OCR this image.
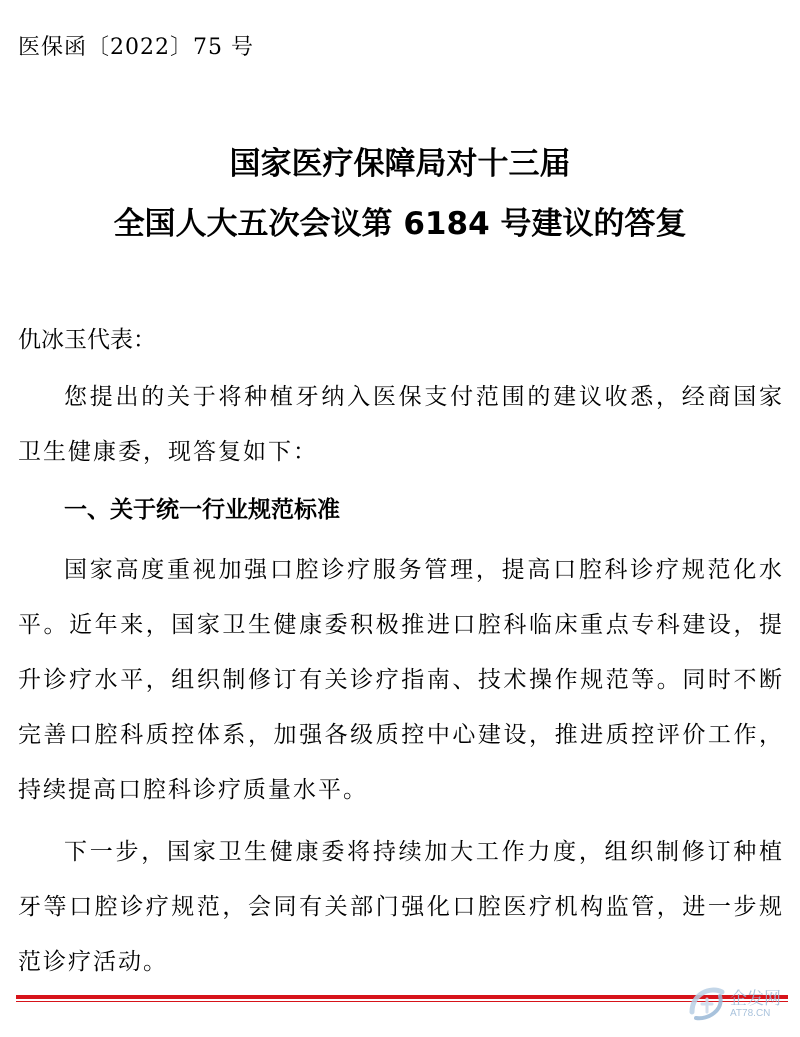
医保函〔2022〕75 号
国家医疗保障局对十三届
全国人大五次会议第 6184 号建议的答复
仇冰玉代表：
您提出的关于将种植牙纳入医保支付范围的建议收悉，经商国家卫生健康委，现答复如下：
一、关于统一行业规范标准
国家高度重视加强口腔诊疗服务管理，提高口腔科诊疗规范化水平。近年来，国家卫生健康委积极推进口腔科临床重点专科建设，提升诊疗水平，组织制修订有关诊疗指南、技术操作规范等。同时不断完善口腔科质控体系，加强各级质控中心建设，推进质控评价工作，持续提高口腔科诊疗质量水平。
下一步，国家卫生健康委将持续加大工作力度，组织制修订种植牙等口腔诊疗规范，会同有关部门强化口腔医疗机构监管，进一步规范诊疗活动。
企发网
AT78.CN
